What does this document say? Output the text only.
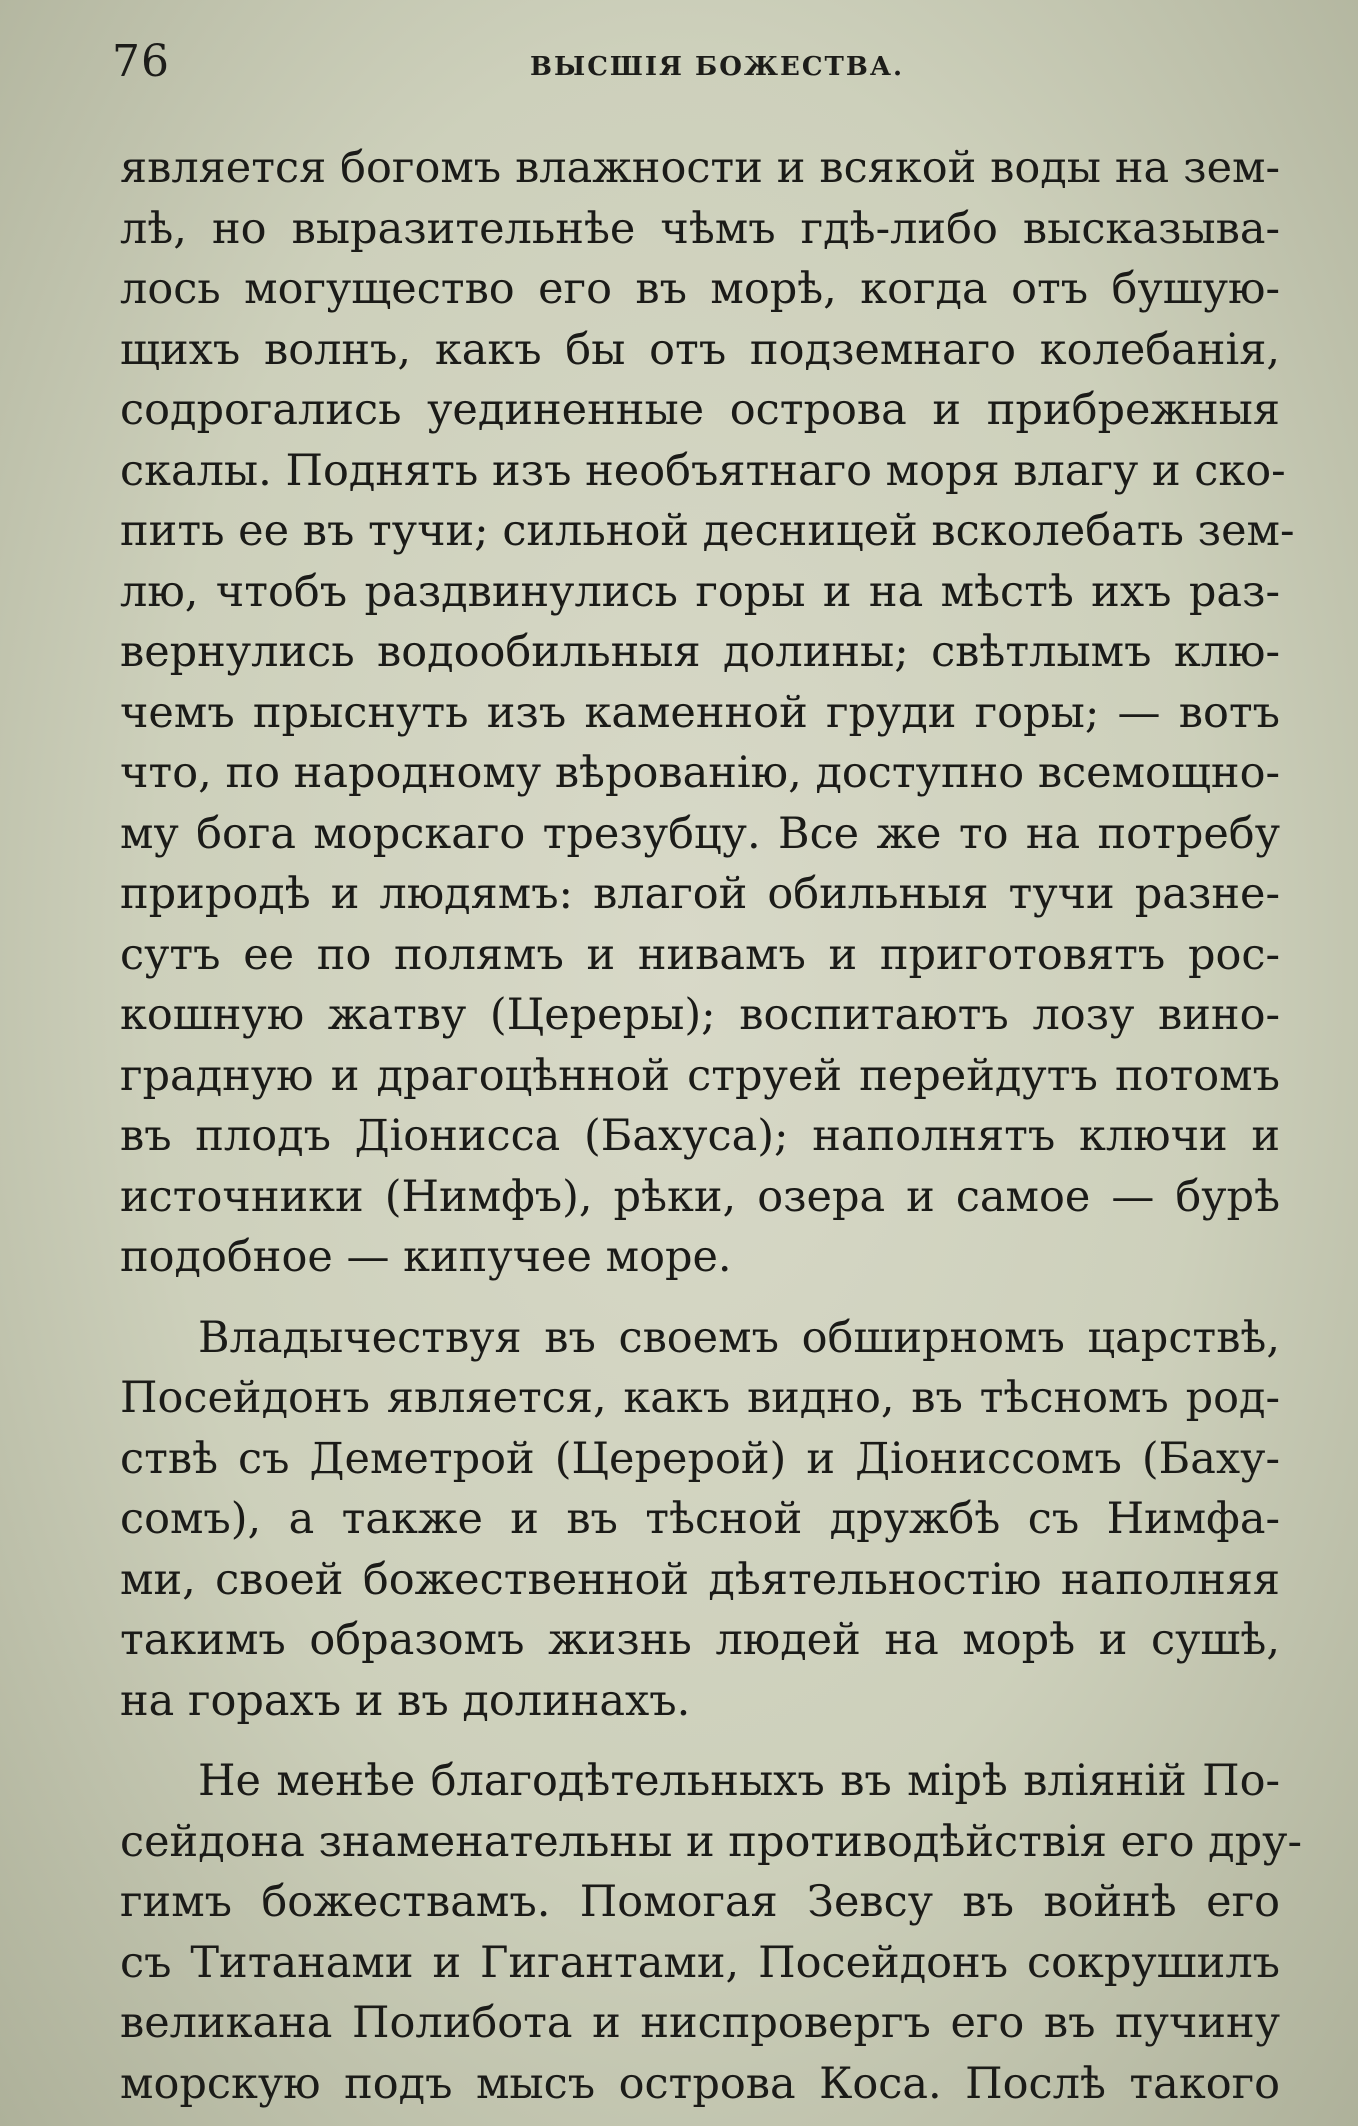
76	ВЫСШІЯ БОЖЕСТВА.
является богомъ влажности и всякой воды на зем-
лѣ, но выразительнѣе чѣмъ гдѣ-либо высказыва-
лось могущество его въ морѣ, когда отъ бушую-
щихъ волнъ, какъ бы отъ подземнаго колебанія,
содрогались уединенные острова и прибрежныя
скалы. Поднять изъ необъятнаго моря влагу и ско-
пить ее въ тучи; сильной десницей всколебать зем-
лю, чтобъ раздвинулись горы и на мѣстѣ ихъ раз-
вернулись водообильныя долины; свѣтлымъ клю-
чемъ прыснуть изъ каменной груди горы; — вотъ
что, по народному вѣрованію, доступно всемощно-
му бога морскаго трезубцу. Все же то на потребу
природѣ и людямъ: влагой обильныя тучи разне-
сутъ ее по полямъ и нивамъ и приготовятъ рос-
кошную жатву (Цереры); воспитаютъ лозу вино-
градную и драгоцѣнной струей перейдутъ потомъ
въ плодъ Діонисса (Бахуса); наполнятъ ключи и
источники (Нимфъ), рѣки, озера и самое — бурѣ
подобное — кипучее море.
Владычествуя въ своемъ обширномъ царствѣ,
Посейдонъ является, какъ видно, въ тѣсномъ род-
ствѣ съ Деметрой (Церерой) и Діониссомъ (Баху-
сомъ), а также и въ тѣсной дружбѣ съ Нимфа-
ми, своей божественной дѣятельностію наполняя
такимъ образомъ жизнь людей на морѣ и сушѣ,
на горахъ и въ долинахъ.
Не менѣе благодѣтельныхъ въ мірѣ вліяній По-
сейдона знаменательны и противодѣйствія его дру-
гимъ божествамъ. Помогая Зевсу въ войнѣ его
съ Титанами и Гигантами, Посейдонъ сокрушилъ
великана Полибота и ниспровергъ его въ пучину
морскую подъ мысъ острова Коса. Послѣ такого
